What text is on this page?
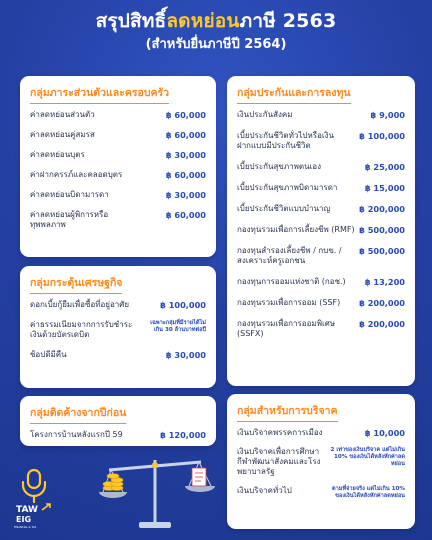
สรุปสิทธิ์ลดหย่อนภาษี 2563
(สำหรับยื่นภาษีปี 2564)
กลุ่มภาระส่วนตัวและครอบครัว
ค่าลดหย่อนส่วนตัว	฿ 60,000
ค่าลดหย่อนคู่สมรส	฿ 60,000
ค่าลดหย่อนบุตร	฿ 30,000
ค่าฝากครรภ์และคลอดบุตร	฿ 60,000
ค่าลดหย่อนบิดามารดา	฿ 30,000
ค่าลดหย่อนผู้พิการหรือทุพพลภาพ
฿ 60,000
กลุ่มกระตุ้นเศรษฐกิจ
ดอกเบี้ยกู้ยืมเพื่อซื้อที่อยู่อาศัย	฿ 100,000
ค่าธรรมเนียมจากการรับชำระเงินด้วยบัตรเดบิต
เฉพาะกลุ่มที่มีรายได้ไม่เกิน 30 ล้านบาทต่อปี
ช้อปดีมีคืน	฿ 30,000
กลุ่มติดค้างจากปีก่อน
โครงการบ้านหลังแรกปี 59	฿ 120,000
กลุ่มประกันและการลงทุน
เงินประกันสังคม	฿ 9,000
เบี้ยประกันชีวิตทั่วไปหรือเงินฝากแบบมีประกันชีวิต
฿ 100,000
เบี้ยประกันสุขภาพตนเอง	฿ 25,000
เบี้ยประกันสุขภาพบิดามารดา	฿ 15,000
เบี้ยประกันชีวิตแบบบำนาญ	฿ 200,000
กองทุนรวมเพื่อการเลี้ยงชีพ (RMF) ฿ 500,000
กองทุนสำรองเลี้ยงชีพ / กบข. /สงเคราะห์ครูเอกชน
฿ 500,000
กองทุนการออมแห่งชาติ (กอช.)	฿ 13,200
กองทุนรวมเพื่อการออม (SSF)	฿ 200,000
กองทุนรวมเพื่อการออมพิเศษ (SSFX)
฿ 200,000
กลุ่มสำหรับการบริจาค
เงินบริจาคพรรคการเมือง	฿ 10,000
เงินบริจาคเพื่อการศึกษา กีฬาพัฒนาสังคมและโรงพยาบาลรัฐ
2 เท่าของเงินบริจาค แต่ไม่เกิน 10% ของเงินได้หลังหักค่าลดหย่อน
เงินบริจาคทั่วไป	ตามที่จ่ายจริง แต่ไม่เกิน 10% ของเงินได้หลังหักค่าลดหย่อน
TAW
EIG
FINANCIAL & TAX
